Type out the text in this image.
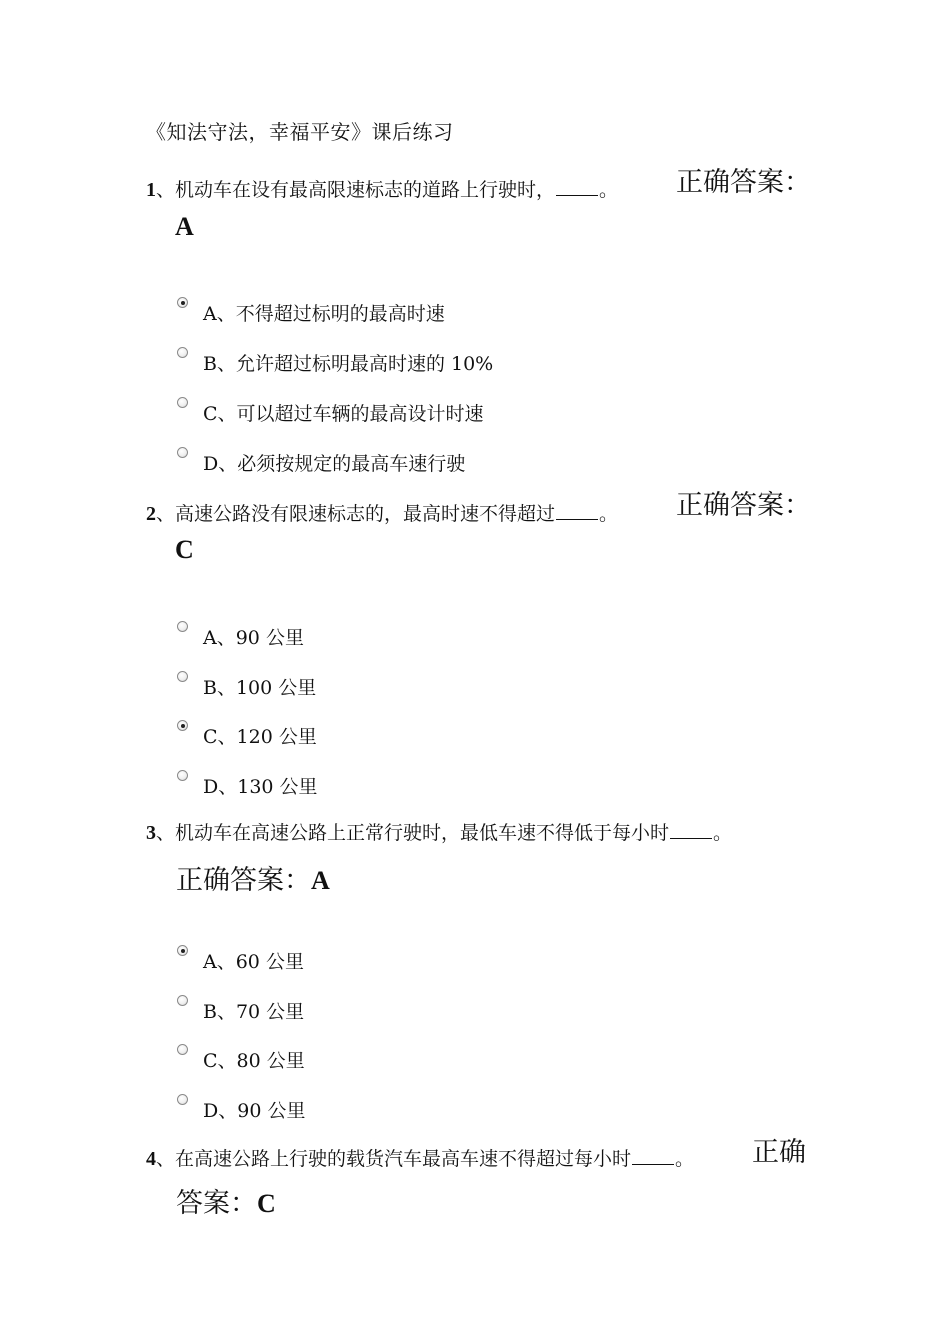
《知法守法，幸福平安》课后练习
1、机动车在设有最高限速标志的道路上行驶时， 。 正确答案：
A
A、不得超过标明的最高时速
B、允许超过标明最高时速的 10%
C、可以超过车辆的最高设计时速
D、必须按规定的最高车速行驶
2、高速公路没有限速标志的，最高时速不得超过 。 正确答案：
C
A、90 公里
B、100 公里
C、120 公里
D、130 公里
3、机动车在高速公路上正常行驶时，最低车速不得低于每小时 。
正确答案：A
A、60 公里
B、70 公里
C、80 公里
D、90 公里
4、在高速公路上行驶的载货汽车最高车速不得超过每小时 。 正确
答案：C
